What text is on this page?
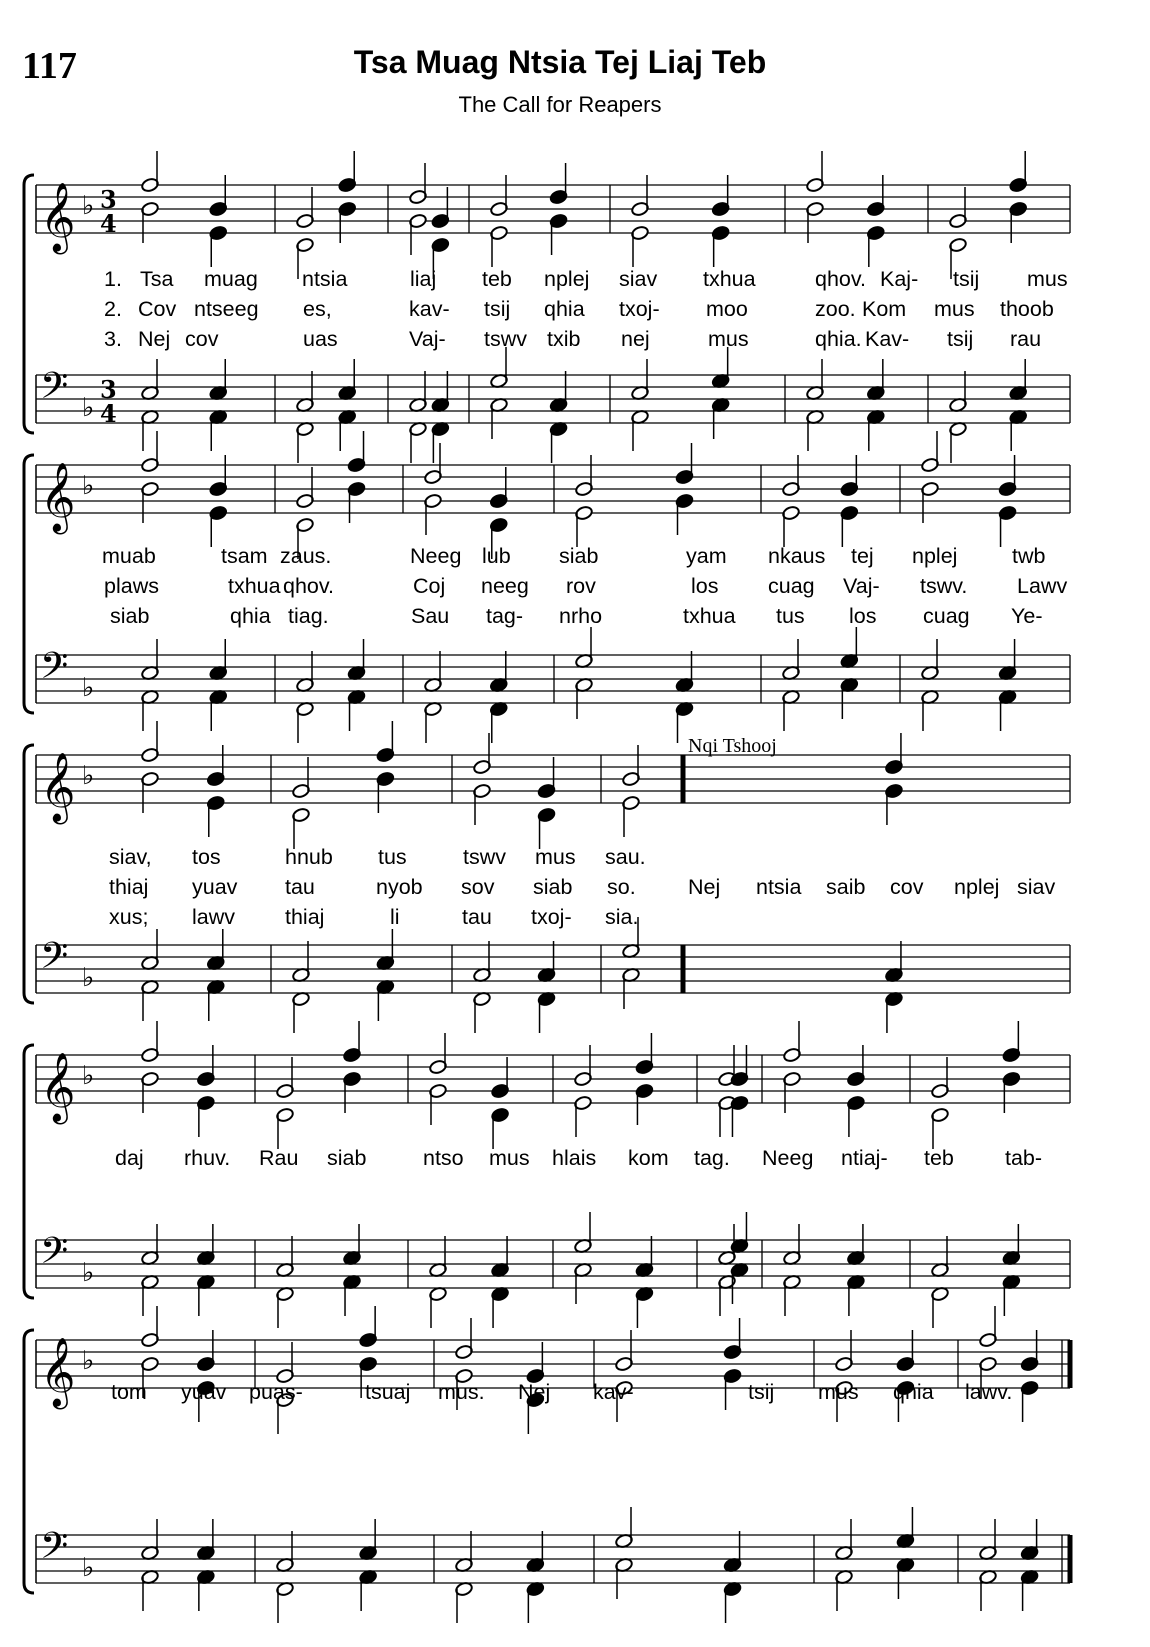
117	Tsa Muag Ntsia Tej Liaj Teb
The Call for Reapers
𝄞 ♭ 3
4
𝄢 ♭
3
4
1. Tsa muag ntsia	liaj teb nplej siav txhua	qhov. Kaj- tsij mus
2. Cov ntseeg es,	kav- tsij qhia txoj- moo	zoo. Kom mus thoob
3. Nej cov	uas	Vaj- tswv txib nej	mus	qhia. Kav- tsij rau
𝄞 ♭
𝄢 ♭
muab	tsam zaus.	Neeg lub siab	yam nkaus tej nplej	twb
plaws	txhua qhov.	Coj neeg rov	los cuag Vaj- tswv. Lawv
siab	qhia tiag.	Sau tag- nrho	txhua tus los cuag Ye-
𝄞 ♭
𝄢 ♭
Nqi Tshooj
siav, tos	hnub tus	tswv mus sau.
thiaj yuav tau	nyob sov siab so. Nej ntsia saib cov nplej siav
xus; lawv thiaj	li	tau txoj- sia.
𝄞 ♭
𝄢 ♭
daj rhuv. Rau siab	ntso mus hlais kom tag. Neeg ntiaj- teb tab-
𝄞 ♭
𝄢 ♭
tom yuav puas-	tsuaj mus. Nej kav-	tsij mus qhia lawv.
